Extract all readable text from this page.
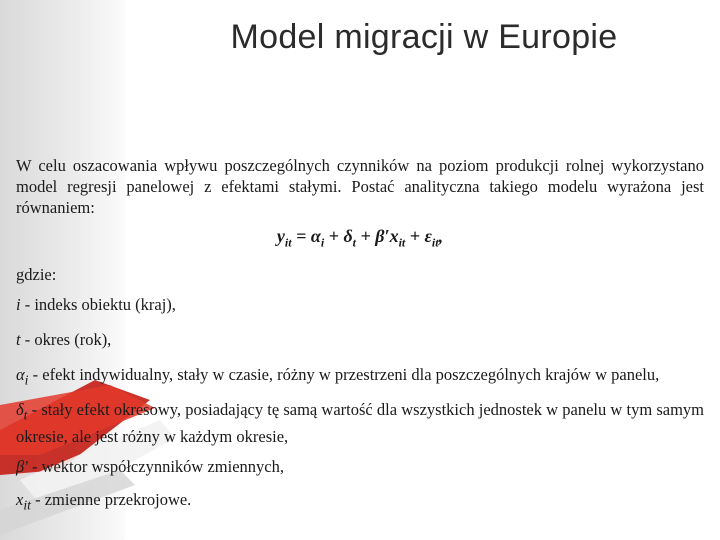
Model migracji w Europie

W celu oszacowania wpływu poszczególnych czynników na poziom produkcji rolnej wykorzystano model regresji panelowej z efektami stałymi. Postać analityczna takiego modelu wyrażona jest równaniem:

$y_{it} = \alpha_i + \delta_t + \beta'x_{it} + \varepsilon_{it}$,

gdzie:

i - indeks obiektu (kraj),

t - okres (rok),

$\alpha_i$ - efekt indywidualny, stały w czasie, różny w przestrzeni dla poszczególnych krajów w panelu,

$\delta_t$ - stały efekt okresowy, posiadający tę samą wartość dla wszystkich jednostek w panelu w tym samym okresie, ale jest różny w każdym okresie,

β′ - wektor współczynników zmiennych,

$x_{it}$ - zmienne przekrojowe.
